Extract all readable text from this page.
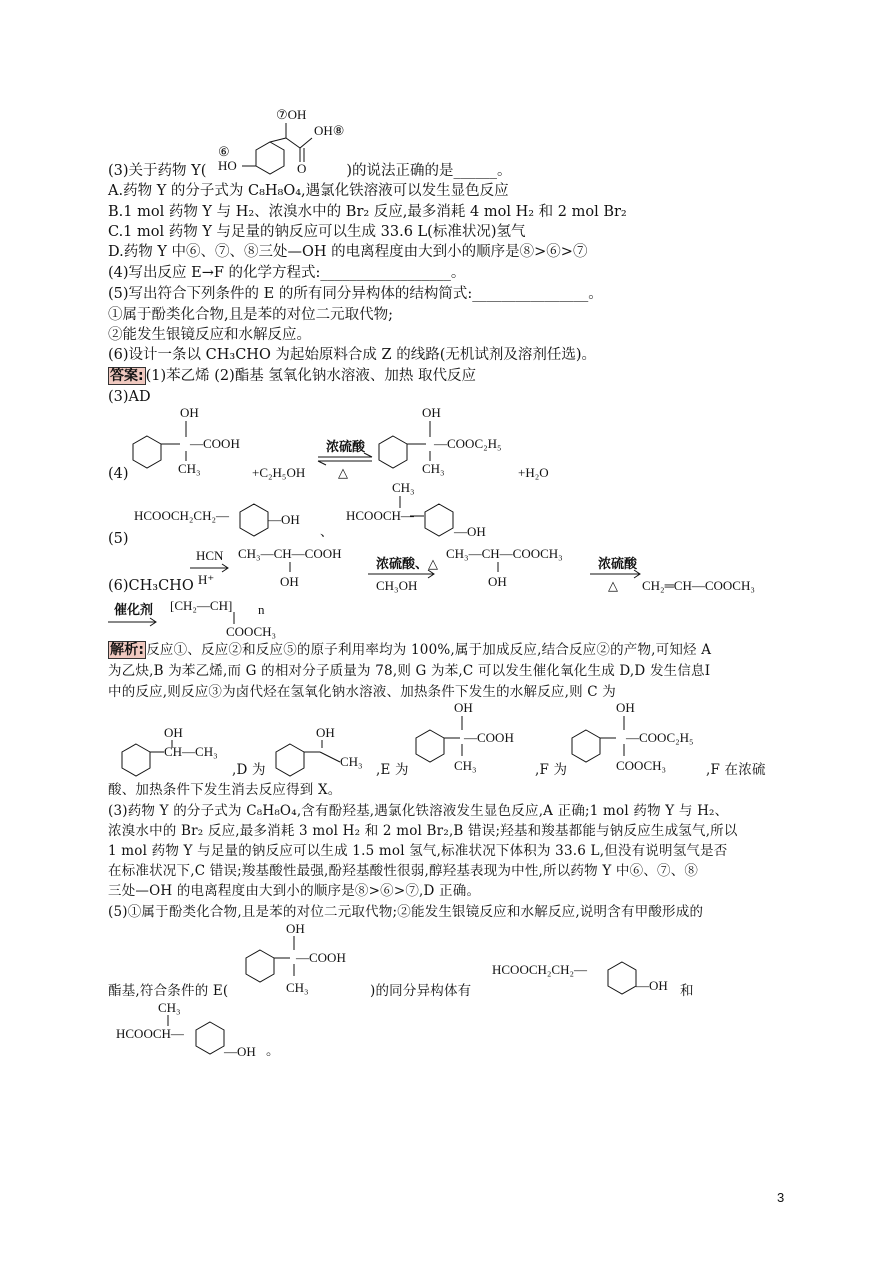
⑦OH
OH⑧
O
⑥
HO
(3)关于药物 Y(	)的说法正确的是______。
A.药物 Y 的分子式为 C₈H₈O₄,遇氯化铁溶液可以发生显色反应
B.1 mol 药物 Y 与 H₂、浓溴水中的 Br₂ 反应,最多消耗 4 mol H₂ 和 2 mol Br₂
C.1 mol 药物 Y 与足量的钠反应可以生成 33.6 L(标准状况)氢气
D.药物 Y 中⑥、⑦、⑧三处—OH 的电离程度由大到小的顺序是⑧>⑥>⑦
(4)写出反应 E→F 的化学方程式:__________________。
(5)写出符合下列条件的 E 的所有同分异构体的结构简式:________________。
①属于酚类化合物,且是苯的对位二元取代物;
②能发生银镜反应和水解反应。
(6)设计一条以 CH₃CHO 为起始原料合成 Z 的线路(无机试剂及溶剂任选)。
答案: (1)苯乙烯 (2)酯基 氢氧化钠水溶液、加热 取代反应
(3)AD
(4)
OH
—COOH
CH₃	+C₂H₅OH
浓硫酸
△
OH
—COOC₂H₅
CH₃	+H₂O
(5)
HCOOCH₂CH₂—	—OH
、
CH₃
HCOOCH—
—OH
(6)CH₃CHO
HCN
H⁺
CH₃—CH—COOH
OH
浓硫酸、△
CH₃OH
CH₃—CH—COOCH₃
OH
浓硫酸
△ CH₂═CH—COOCH₃
催化剂 [CH₂—CH] n
COOCH₃
解析: 反应①、反应②和反应⑤的原子利用率均为 100%,属于加成反应,结合反应②的产物,可知烃 A
为乙炔,B 为苯乙烯,而 G 的相对分子质量为 78,则 G 为苯,C 可以发生催化氧化生成 D,D 发生信息Ⅰ
中的反应,则反应③为卤代烃在氢氧化钠水溶液、加热条件下发生的水解反应,则 C 为
OH
CH—CH₃
OH
CH₃
OH
—COOH
CH₃
OH
—COOC₂H₅
COOCH₃
,D 为	,E 为	,F 为	,F 在浓硫
酸、加热条件下发生消去反应得到 X。
(3)药物 Y 的分子式为 C₈H₈O₄,含有酚羟基,遇氯化铁溶液发生显色反应,A 正确;1 mol 药物 Y 与 H₂、
浓溴水中的 Br₂ 反应,最多消耗 3 mol H₂ 和 2 mol Br₂,B 错误;羟基和羧基都能与钠反应生成氢气,所以
1 mol 药物 Y 与足量的钠反应可以生成 1.5 mol 氢气,标准状况下体积为 33.6 L,但没有说明氢气是否
在标准状况下,C 错误;羧基酸性最强,酚羟基酸性很弱,醇羟基表现为中性,所以药物 Y 中⑥、⑦、⑧
三处—OH 的电离程度由大到小的顺序是⑧>⑥>⑦,D 正确。
(5)①属于酚类化合物,且是苯的对位二元取代物;②能发生银镜反应和水解反应,说明含有甲酸形成的
OH
—COOH
CH₃
酯基,符合条件的 E(	)的同分异构体有
HCOOCH₂CH₂—
—OH 和
CH₃
HCOOCH—
—OH 。
3
